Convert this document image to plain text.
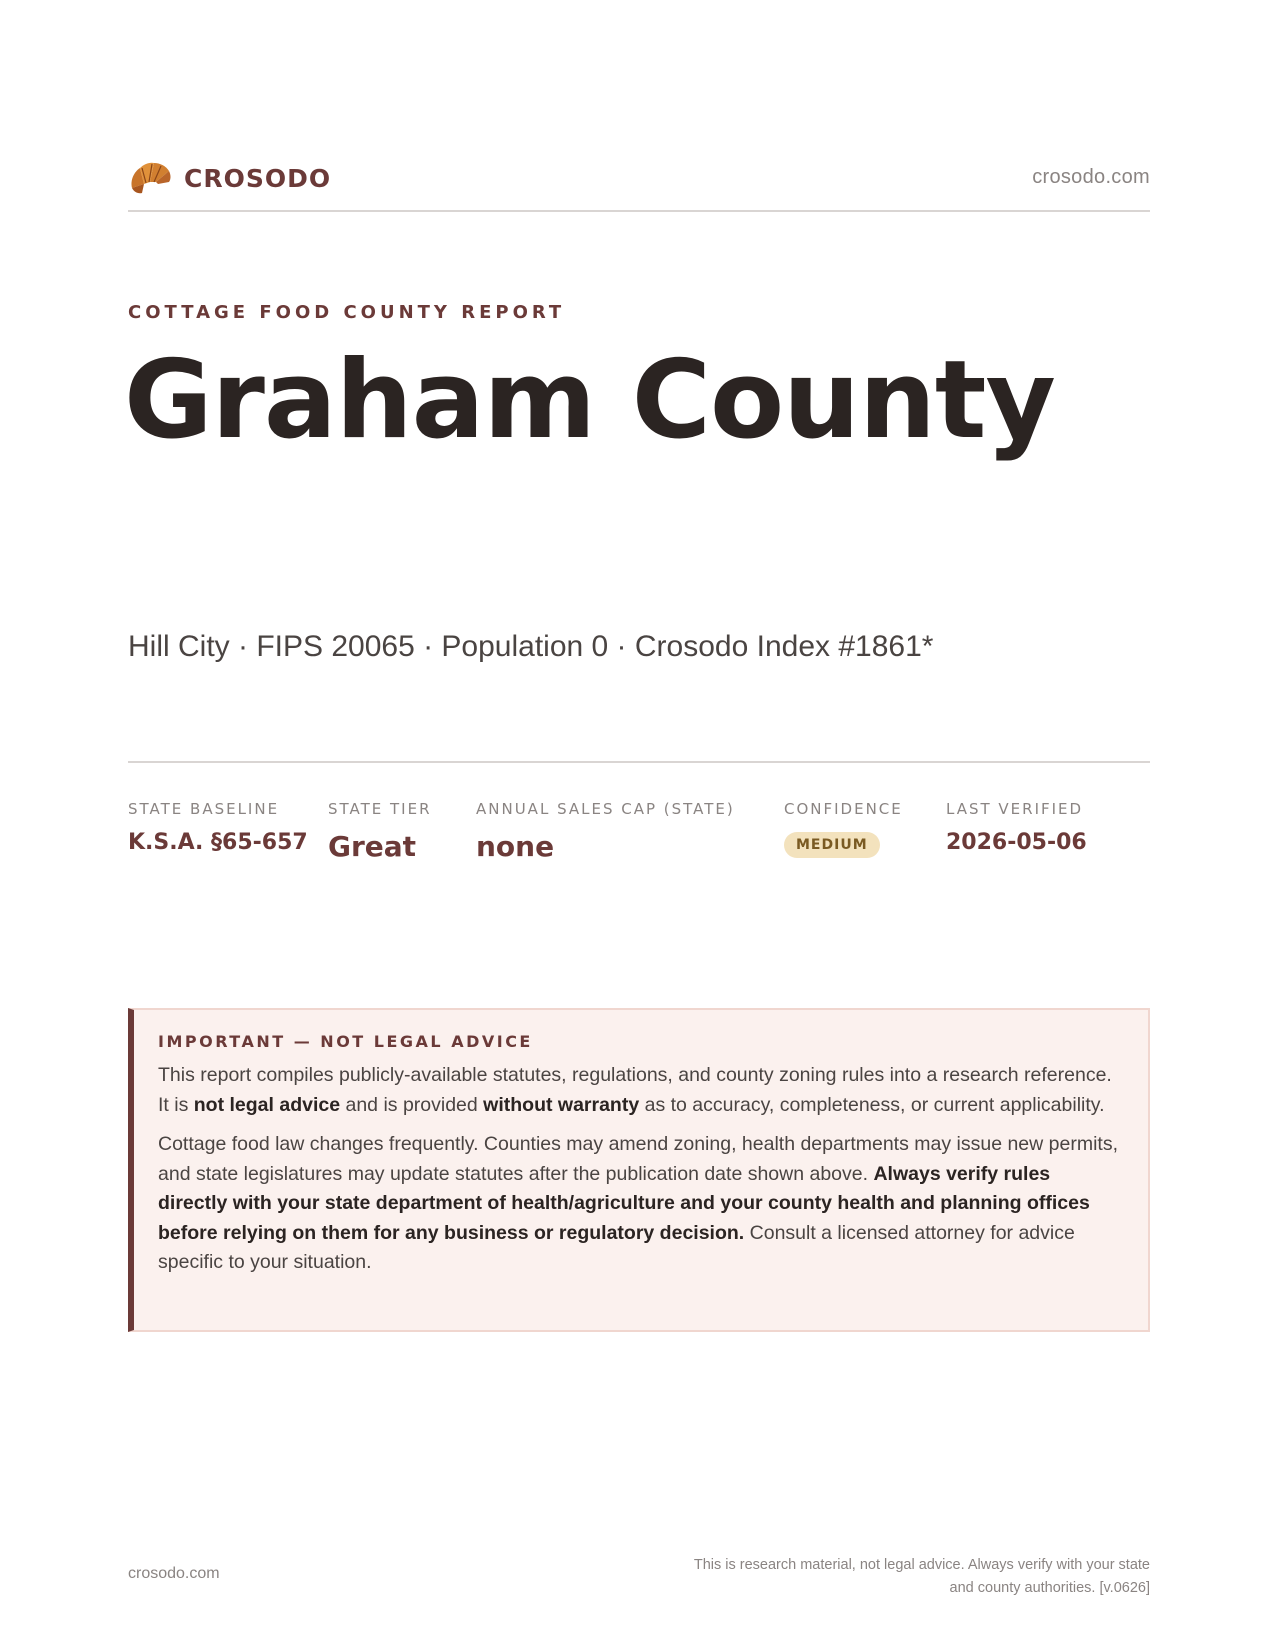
CROSODO	crosodo.com
COTTAGE FOOD COUNTY REPORT
Graham County
Hill City · FIPS 20065 · Population 0 · Crosodo Index #1861*
STATE BASELINE
K.S.A. §65-657
STATE TIER
Great
ANNUAL SALES CAP (STATE)
none
CONFIDENCE
MEDIUM
LAST VERIFIED
2026-05-06
IMPORTANT — NOT LEGAL ADVICE

This report compiles publicly-available statutes, regulations, and county zoning rules into a research reference. It is not legal advice and is provided without warranty as to accuracy, completeness, or current applicability.

Cottage food law changes frequently. Counties may amend zoning, health departments may issue new permits, and state legislatures may update statutes after the publication date shown above. Always verify rules directly with your state department of health/agriculture and your county health and planning offices before relying on them for any business or regulatory decision. Consult a licensed attorney for advice specific to your situation.

crosodo.com	This is research material, not legal advice. Always verify with your state
and county authorities. [v.0626]
